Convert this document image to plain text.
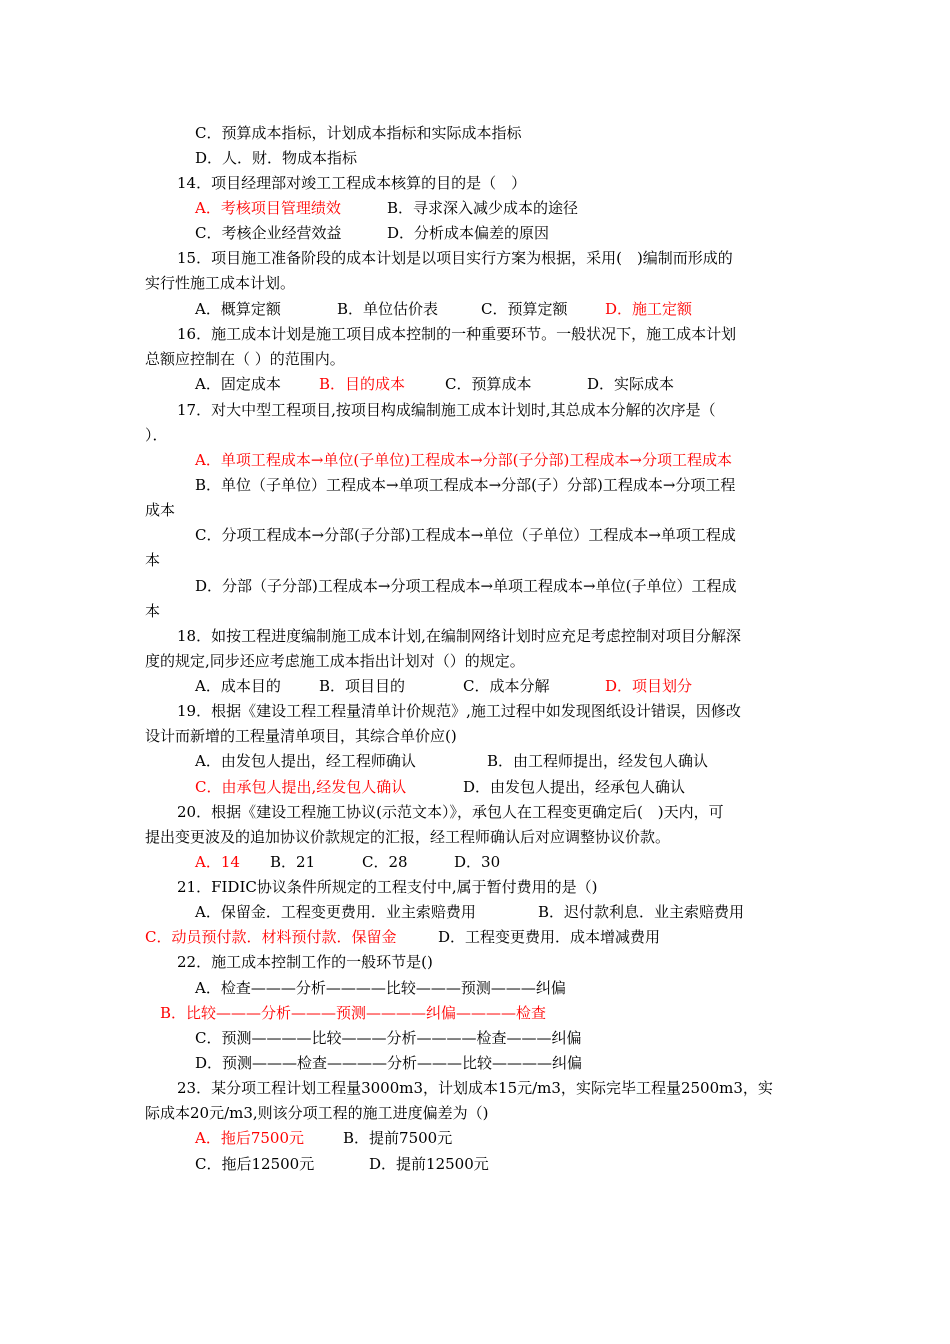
C．预算成本指标，计划成本指标和实际成本指标
D．人．财．物成本指标
14．项目经理部对竣工工程成本核算的目的是（　）
A．考核项目管理绩效	B．寻求深入减少成本的途径
C．考核企业经营效益	D．分析成本偏差的原因
15．项目施工准备阶段的成本计划是以项目实行方案为根据，采用(　)编制而形成的
实行性施工成本计划。
A．概算定额	B．单位估价表	C．预算定额	D．施工定额
16．施工成本计划是施工项目成本控制的一种重要环节。一般状况下，施工成本计划
总额应控制在（ ）的范围内。
A．固定成本	B．目的成本	C．预算成本	D．实际成本
17．对大中型工程项目,按项目构成编制施工成本计划时,其总成本分解的次序是（
）．
A．单项工程成本→单位(子单位)工程成本→分部(子分部)工程成本→分项工程成本
B．单位（子单位）工程成本→单项工程成本→分部(子）分部)工程成本→分项工程
成本
C．分项工程成本→分部(子分部)工程成本→单位（子单位）工程成本→单项工程成
本
D．分部（子分部)工程成本→分项工程成本→单项工程成本→单位(子单位）工程成
本
18．如按工程进度编制施工成本计划,在编制网络计划时应充足考虑控制对项目分解深
度的规定,同步还应考虑施工成本指出计划对（）的规定。
A．成本目的	B．项目目的	C．成本分解	D．项目划分
19．根据《建设工程工程量清单计价规范》,施工过程中如发现图纸设计错误，因修改
设计而新增的工程量清单项目，其综合单价应()
A．由发包人提出，经工程师确认	B．由工程师提出，经发包人确认
C．由承包人提出,经发包人确认	D．由发包人提出，经承包人确认
20．根据《建设工程施工协议(示范文本）》，承包人在工程变更确定后(　)天内，可
提出变更波及的追加协议价款规定的汇报，经工程师确认后对应调整协议价款。
A．14 B．21	C．28	D．30
21．FIDIC协议条件所规定的工程支付中,属于暂付费用的是（)
A．保留金．工程变更费用．业主索赔费用	B．迟付款利息．业主索赔费用
C．动员预付款．材料预付款．保留金	D．工程变更费用．成本增减费用
22．施工成本控制工作的一般环节是()
A．检查———分析————比较———预测———纠偏
B．比较———分析———预测————纠偏————检查
C．预测————比较———分析————检查———纠偏
D．预测———检查————分析———比较————纠偏
23．某分项工程计划工程量3000m3，计划成本15元/m3，实际完毕工程量2500m3，实
际成本20元/m3,则该分项工程的施工进度偏差为（)
A．拖后7500元	B．提前7500元
C．拖后12500元	D．提前12500元
